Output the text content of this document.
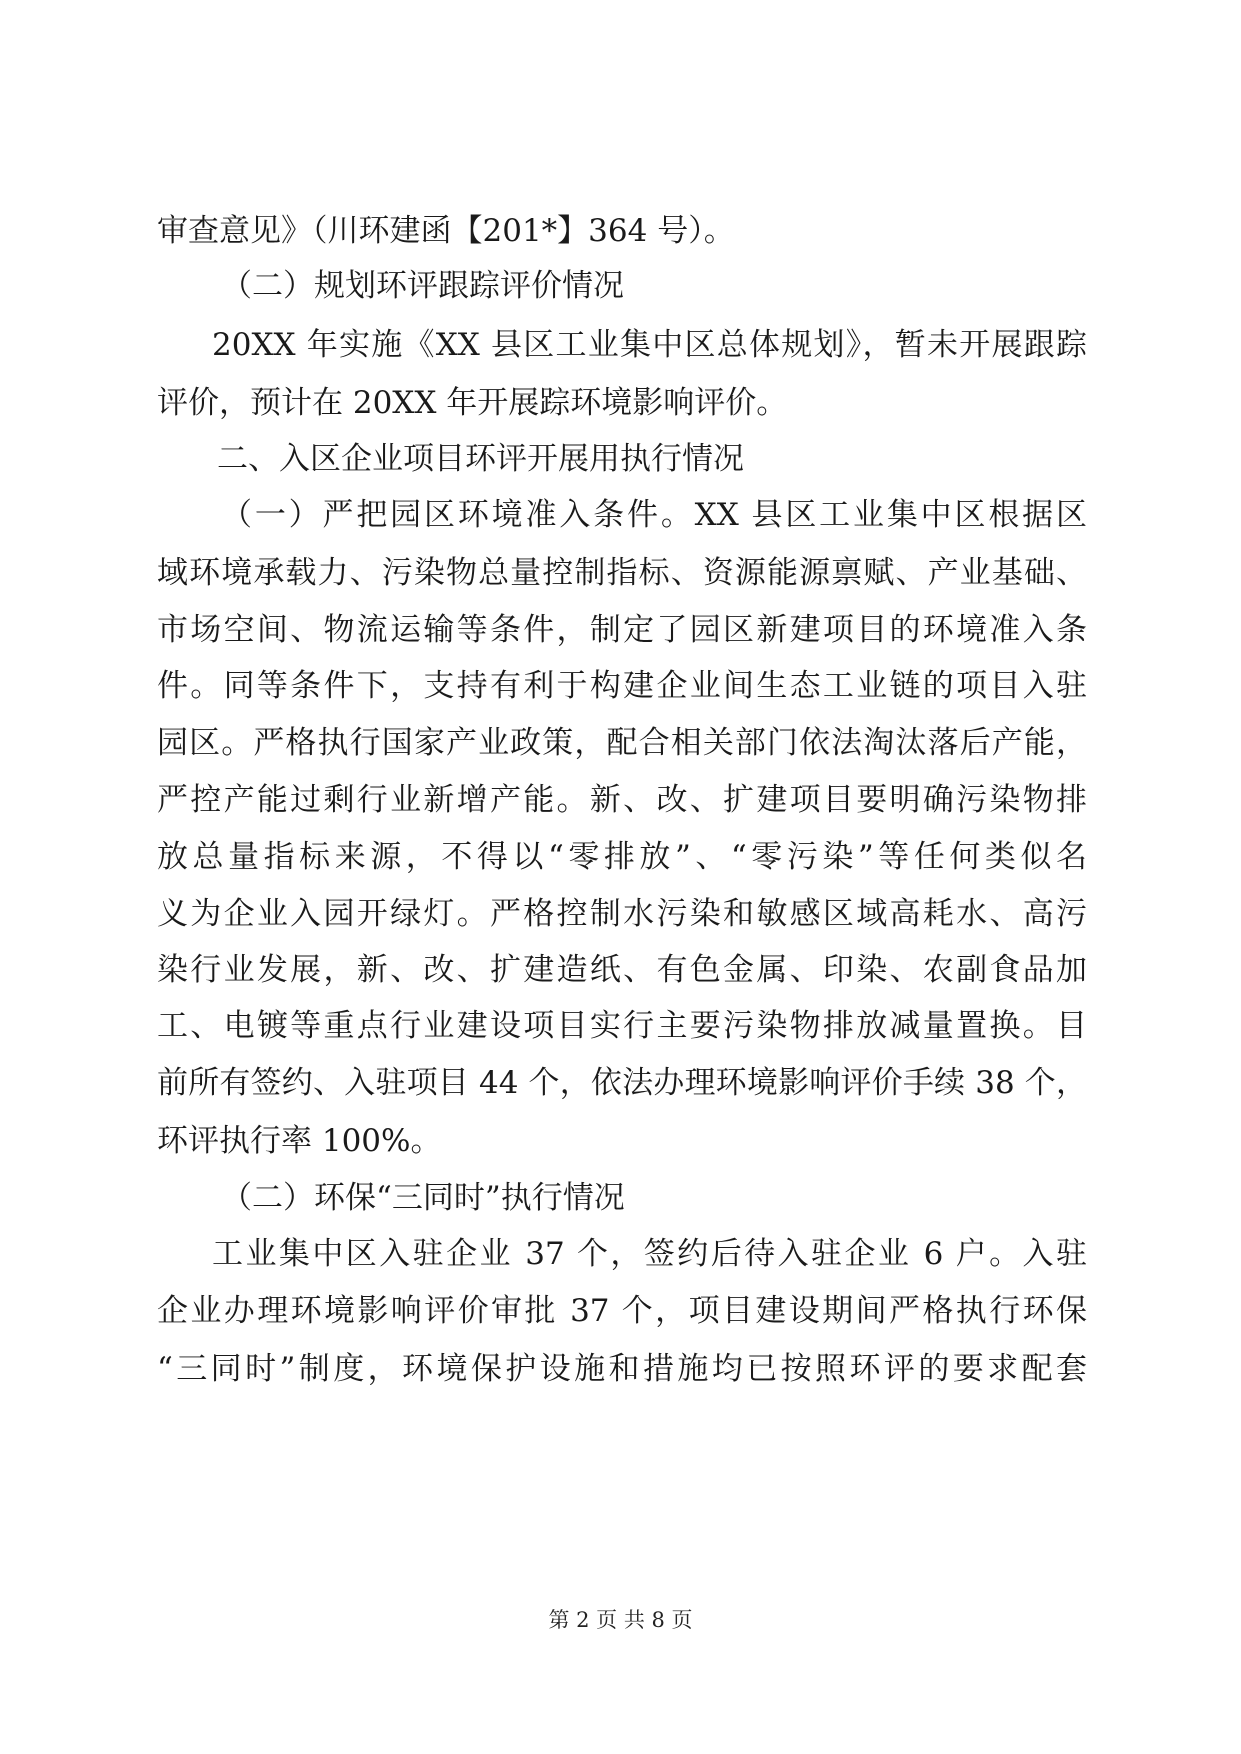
审查意见》（川环建函【201*】364 号）。
（二）规划环评跟踪评价情况
20XX 年实施《XX 县区工业集中区总体规划》，暂未开展跟踪
评价，预计在 20XX 年开展踪环境影响评价。
二、入区企业项目环评开展用执行情况
（一）严把园区环境准入条件。XX 县区工业集中区根据区
域环境承载力、污染物总量控制指标、资源能源禀赋、产业基础、
市场空间、物流运输等条件，制定了园区新建项目的环境准入条
件。同等条件下，支持有利于构建企业间生态工业链的项目入驻
园区。严格执行国家产业政策，配合相关部门依法淘汰落后产能，
严控产能过剩行业新增产能。新、改、扩建项目要明确污染物排
放总量指标来源，不得以“零排放”、“零污染”等任何类似名
义为企业入园开绿灯。严格控制水污染和敏感区域高耗水、高污
染行业发展，新、改、扩建造纸、有色金属、印染、农副食品加
工、电镀等重点行业建设项目实行主要污染物排放减量置换。目
前所有签约、入驻项目 44 个，依法办理环境影响评价手续 38 个，
环评执行率 100%。
（二）环保“三同时”执行情况
工业集中区入驻企业 37 个，签约后待入驻企业 6 户。入驻
企业办理环境影响评价审批 37 个，项目建设期间严格执行环保
“三同时”制度，环境保护设施和措施均已按照环评的要求配套
第 2 页 共 8 页
